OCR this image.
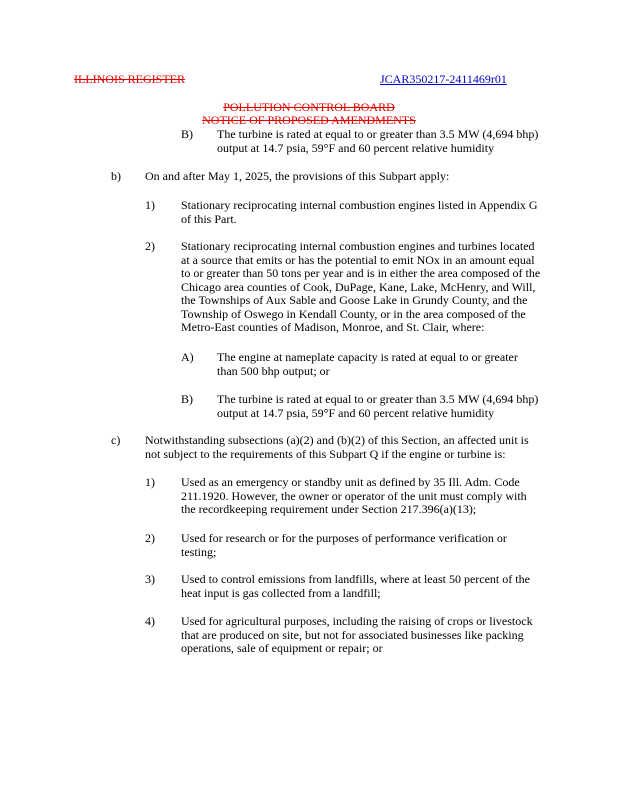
ILLINOIS REGISTER	JCAR350217-2411469r01
POLLUTION CONTROL BOARD
NOTICE OF PROPOSED AMENDMENTS
B) The turbine is rated at equal to or greater than 3.5 MW (4,694 bhp)
output at 14.7 psia, 59°F and 60 percent relative humidity
b) On and after May 1, 2025, the provisions of this Subpart apply:
1) Stationary reciprocating internal combustion engines listed in Appendix G
of this Part.
2) Stationary reciprocating internal combustion engines and turbines located
at a source that emits or has the potential to emit NOx in an amount equal
to or greater than 50 tons per year and is in either the area composed of the
Chicago area counties of Cook, DuPage, Kane, Lake, McHenry, and Will,
the Townships of Aux Sable and Goose Lake in Grundy County, and the
Township of Oswego in Kendall County, or in the area composed of the
Metro-East counties of Madison, Monroe, and St. Clair, where:
A) The engine at nameplate capacity is rated at equal to or greater
than 500 bhp output; or
B) The turbine is rated at equal to or greater than 3.5 MW (4,694 bhp)
output at 14.7 psia, 59°F and 60 percent relative humidity
c) Notwithstanding subsections (a)(2) and (b)(2) of this Section, an affected unit is
not subject to the requirements of this Subpart Q if the engine or turbine is:
1) Used as an emergency or standby unit as defined by 35 Ill. Adm. Code
211.1920. However, the owner or operator of the unit must comply with
the recordkeeping requirement under Section 217.396(a)(13);
2) Used for research or for the purposes of performance verification or
testing;
3) Used to control emissions from landfills, where at least 50 percent of the
heat input is gas collected from a landfill;
4) Used for agricultural purposes, including the raising of crops or livestock
that are produced on site, but not for associated businesses like packing
operations, sale of equipment or repair; or
